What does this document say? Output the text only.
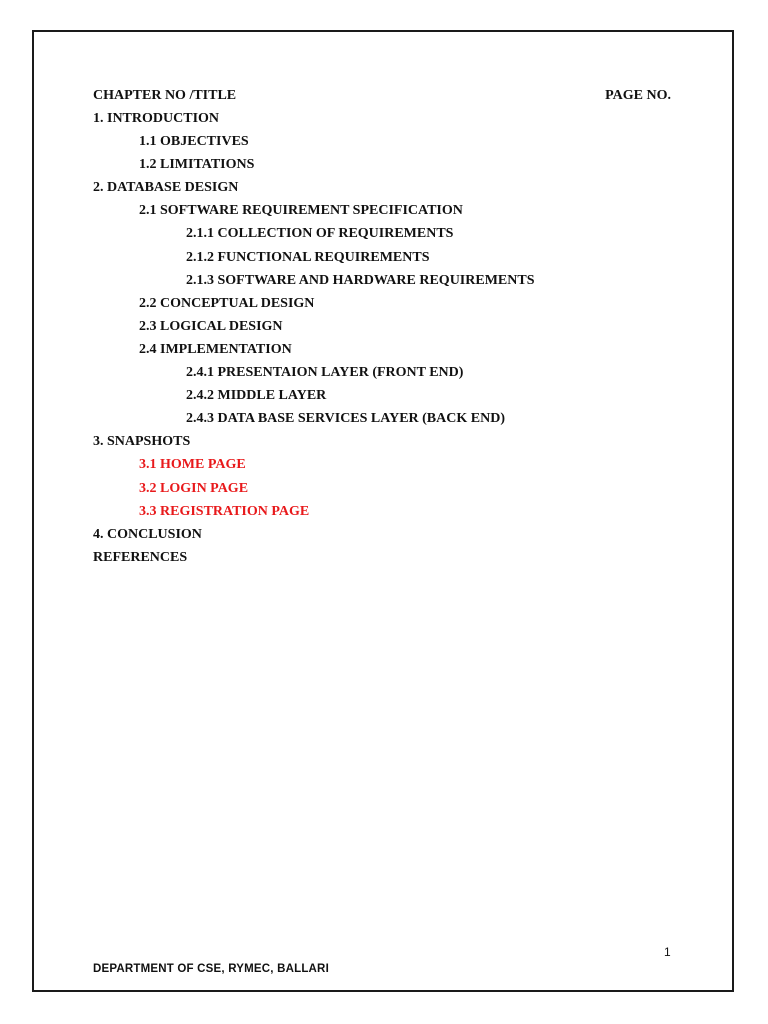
CHAPTER NO /TITLE	PAGE NO.
1. INTRODUCTION
1.1 OBJECTIVES
1.2 LIMITATIONS
2. DATABASE DESIGN
2.1 SOFTWARE REQUIREMENT SPECIFICATION
2.1.1 COLLECTION OF REQUIREMENTS
2.1.2 FUNCTIONAL REQUIREMENTS
2.1.3 SOFTWARE AND HARDWARE REQUIREMENTS
2.2 CONCEPTUAL DESIGN
2.3 LOGICAL DESIGN
2.4 IMPLEMENTATION
2.4.1 PRESENTAION LAYER (FRONT END)
2.4.2 MIDDLE LAYER
2.4.3 DATA BASE SERVICES LAYER (BACK END)
3. SNAPSHOTS
3.1 HOME PAGE
3.2 LOGIN PAGE
3.3 REGISTRATION PAGE
4. CONCLUSION
REFERENCES
1
DEPARTMENT OF CSE, RYMEC, BALLARI
